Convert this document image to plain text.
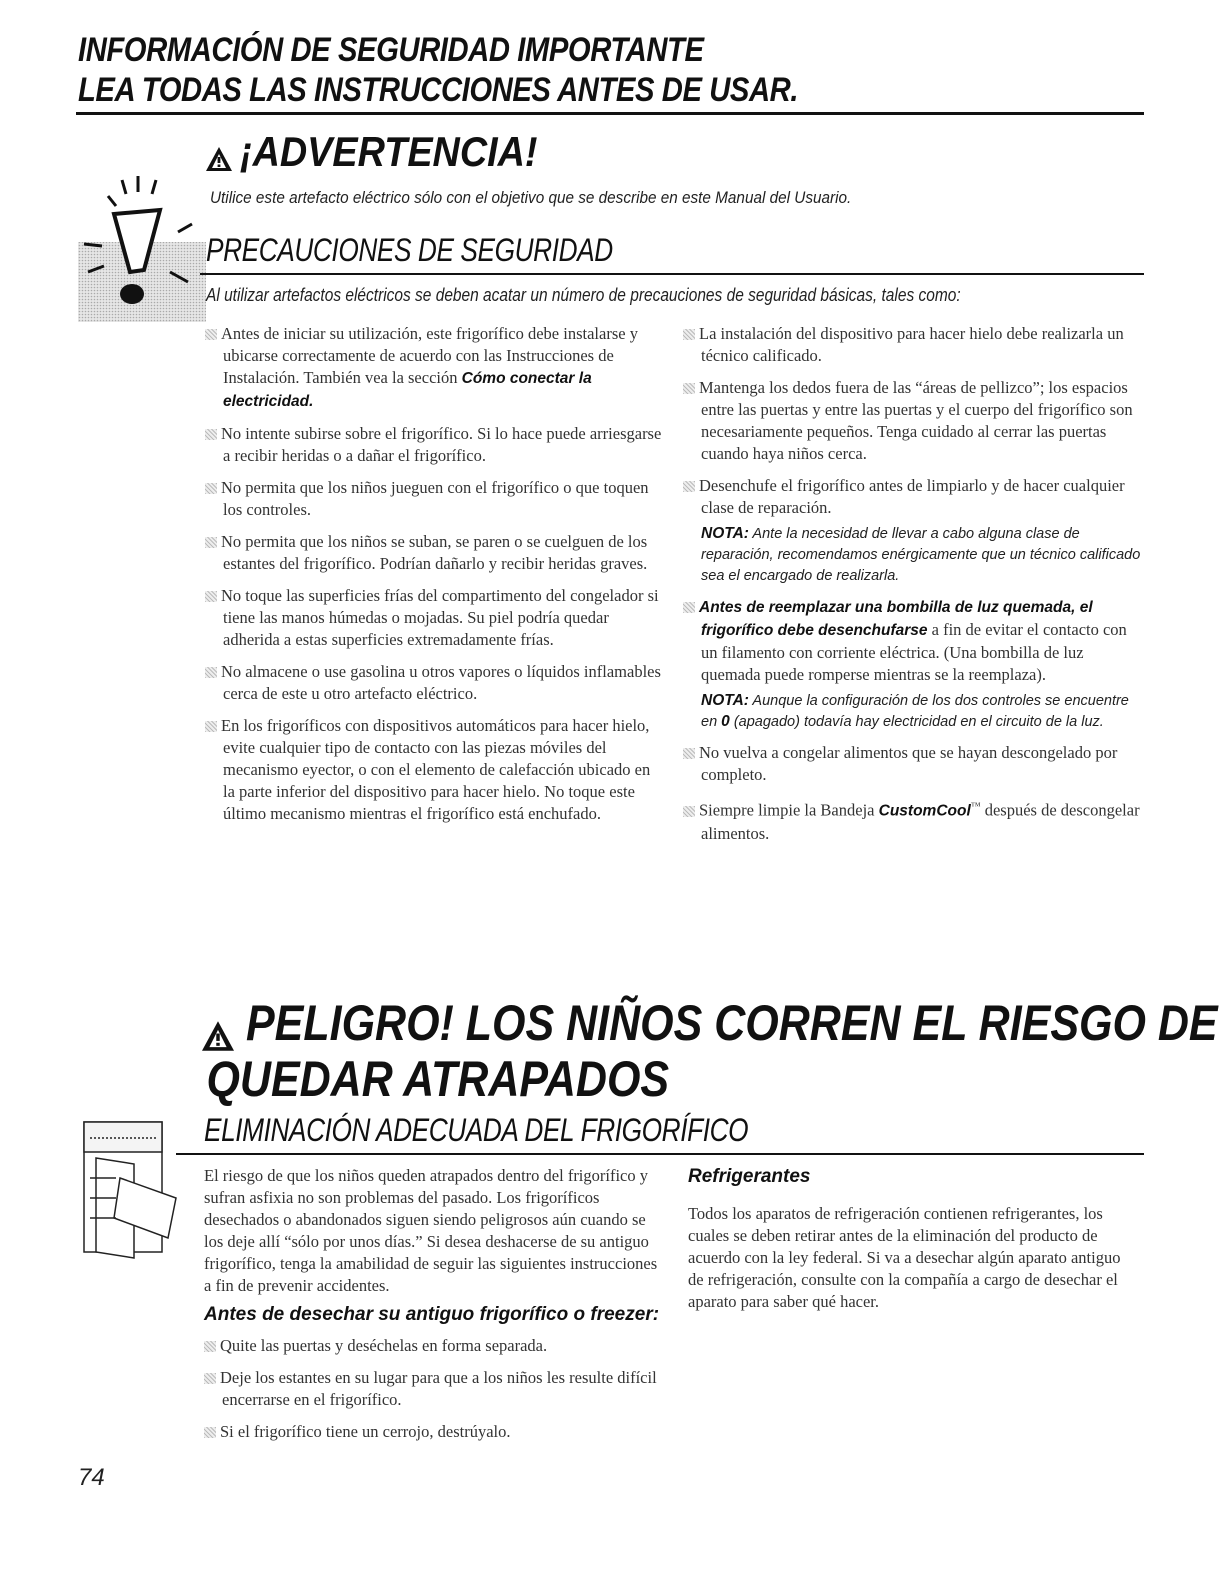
INFORMACIÓN DE SEGURIDAD IMPORTANTE
LEA TODAS LAS INSTRUCCIONES ANTES DE USAR.
¡ADVERTENCIA!
Utilice este artefacto eléctrico sólo con el objetivo que se describe en este Manual del Usuario.
PRECAUCIONES DE SEGURIDAD
Al utilizar artefactos eléctricos se deben acatar un número de precauciones de seguridad básicas, tales como:

Antes de iniciar su utilización, este frigorífico debe instalarse y ubicarse correctamente de acuerdo con las Instrucciones de Instalación. También vea la sección Cómo conectar la electricidad.

No intente subirse sobre el frigorífico. Si lo hace puede arriesgarse a recibir heridas o a dañar el frigorífico.

No permita que los niños jueguen con el frigorífico o que toquen los controles.

No permita que los niños se suban, se paren o se cuelguen de los estantes del frigorífico. Podrían dañarlo y recibir heridas graves.

No toque las superficies frías del compartimento del congelador si tiene las manos húmedas o mojadas. Su piel podría quedar adherida a estas superficies extremadamente frías.

No almacene o use gasolina u otros vapores o líquidos inflamables cerca de este u otro artefacto eléctrico.

En los frigoríficos con dispositivos automáticos para hacer hielo, evite cualquier tipo de contacto con las piezas móviles del mecanismo eyector, o con el elemento de calefacción ubicado en la parte inferior del dispositivo para hacer hielo. No toque este último mecanismo mientras el frigorífico está enchufado.

La instalación del dispositivo para hacer hielo debe realizarla un técnico calificado.

Mantenga los dedos fuera de las “áreas de pellizco”; los espacios entre las puertas y entre las puertas y el cuerpo del frigorífico son necesariamente pequeños. Tenga cuidado al cerrar las puertas cuando haya niños cerca.

Desenchufe el frigorífico antes de limpiarlo y de hacer cualquier clase de reparación.

NOTA: Ante la necesidad de llevar a cabo alguna clase de reparación, recomendamos enérgicamente que un técnico calificado sea el encargado de realizarla.

Antes de reemplazar una bombilla de luz quemada, el frigorífico debe desenchufarse a fin de evitar el contacto con un filamento con corriente eléctrica. (Una bombilla de luz quemada puede romperse mientras se la reemplaza).

NOTA: Aunque la configuración de los dos controles se encuentre en 0 (apagado) todavía hay electricidad en el circuito de la luz.

No vuelva a congelar alimentos que se hayan descongelado por completo.

Siempre limpie la Bandeja CustomCool™ después de descongelar alimentos.

PELIGRO! LOS NIÑOS CORREN EL RIESGO DE
QUEDAR ATRAPADOS
ELIMINACIÓN ADECUADA DEL FRIGORÍFICO
El riesgo de que los niños queden atrapados dentro del frigorífico y sufran asfixia no son problemas del pasado. Los frigoríficos desechados o abandonados siguen siendo peligrosos aún cuando se los deje allí “sólo por unos días.” Si desea deshacerse de su antiguo frigorífico, tenga la amabilidad de seguir las siguientes instrucciones a fin de prevenir accidentes.
Antes de desechar su antiguo frigorífico o freezer:

Quite las puertas y deséchelas en forma separada.

Deje los estantes en su lugar para que a los niños les resulte difícil encerrarse en el frigorífico.

Si el frigorífico tiene un cerrojo, destrúyalo.

Refrigerantes
Todos los aparatos de refrigeración contienen refrigerantes, los cuales se deben retirar antes de la eliminación del producto de acuerdo con la ley federal. Si va a desechar algún aparato antiguo de refrigeración, consulte con la compañía a cargo de desechar el aparato para saber qué hacer.
74
